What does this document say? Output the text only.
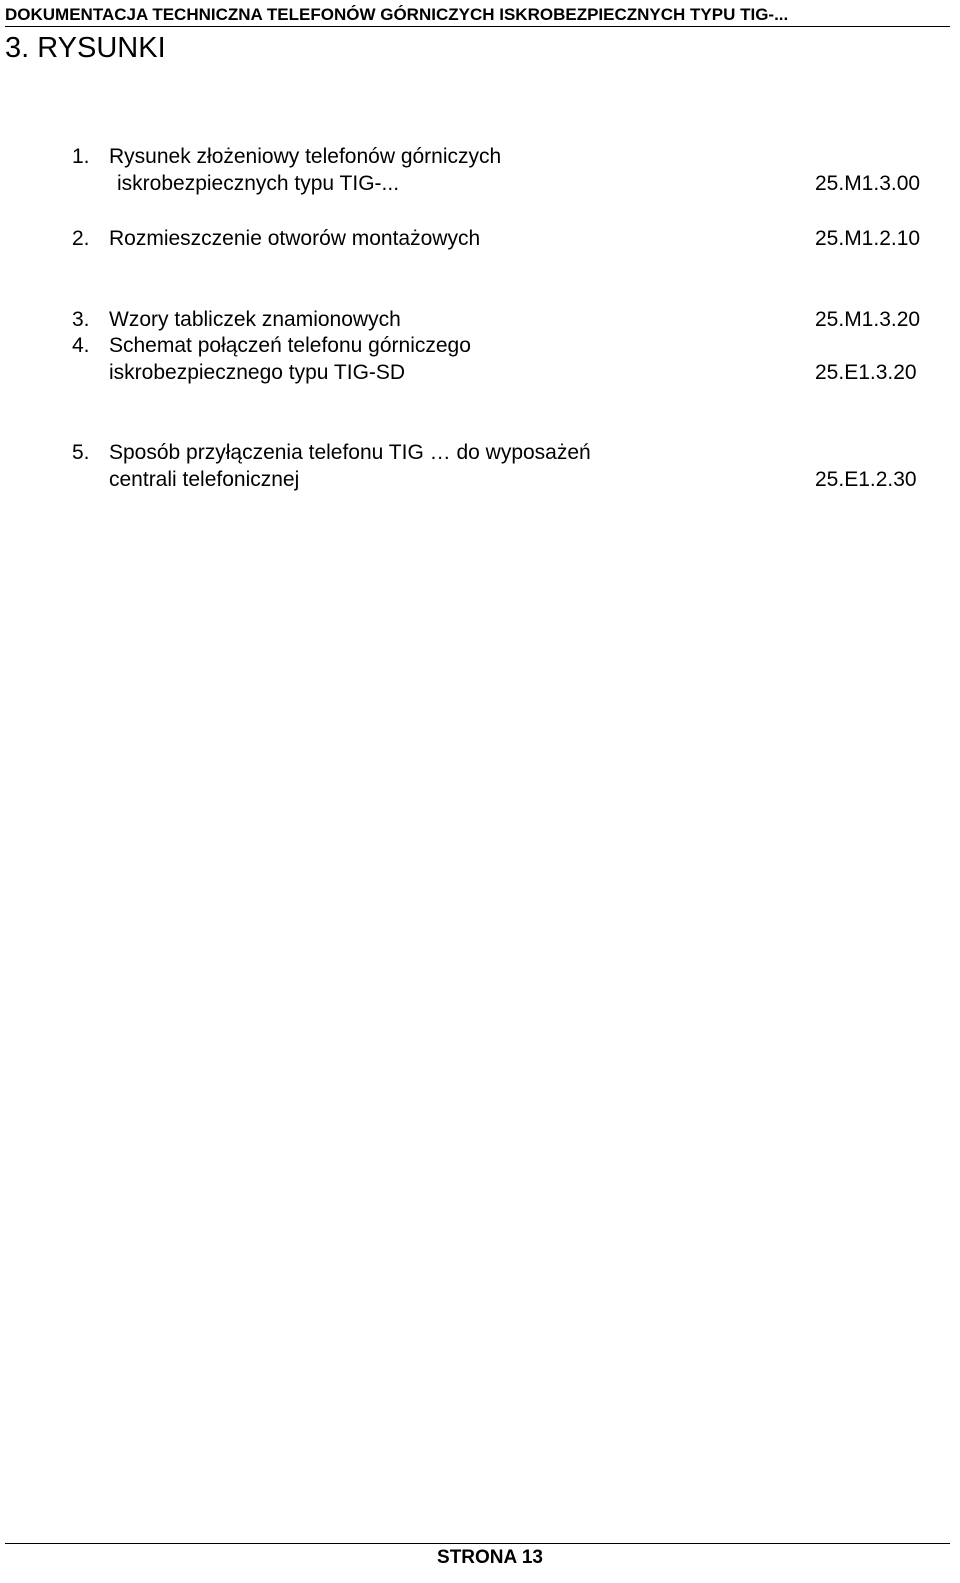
DOKUMENTACJA TECHNICZNA TELEFONÓW GÓRNICZYCH ISKROBEZPIECZNYCH TYPU TIG-...
3. RYSUNKI
1. Rysunek złożeniowy telefonów górniczych
iskrobezpiecznych typu TIG-...	25.M1.3.00
2. Rozmieszczenie otworów montażowych	25.M1.2.10
3. Wzory tabliczek znamionowych	25.M1.3.20
4. Schemat połączeń telefonu górniczego
iskrobezpiecznego typu TIG-SD	25.E1.3.20
5. Sposób przyłączenia telefonu TIG … do wyposażeń
centrali telefonicznej	25.E1.2.30
STRONA 13
